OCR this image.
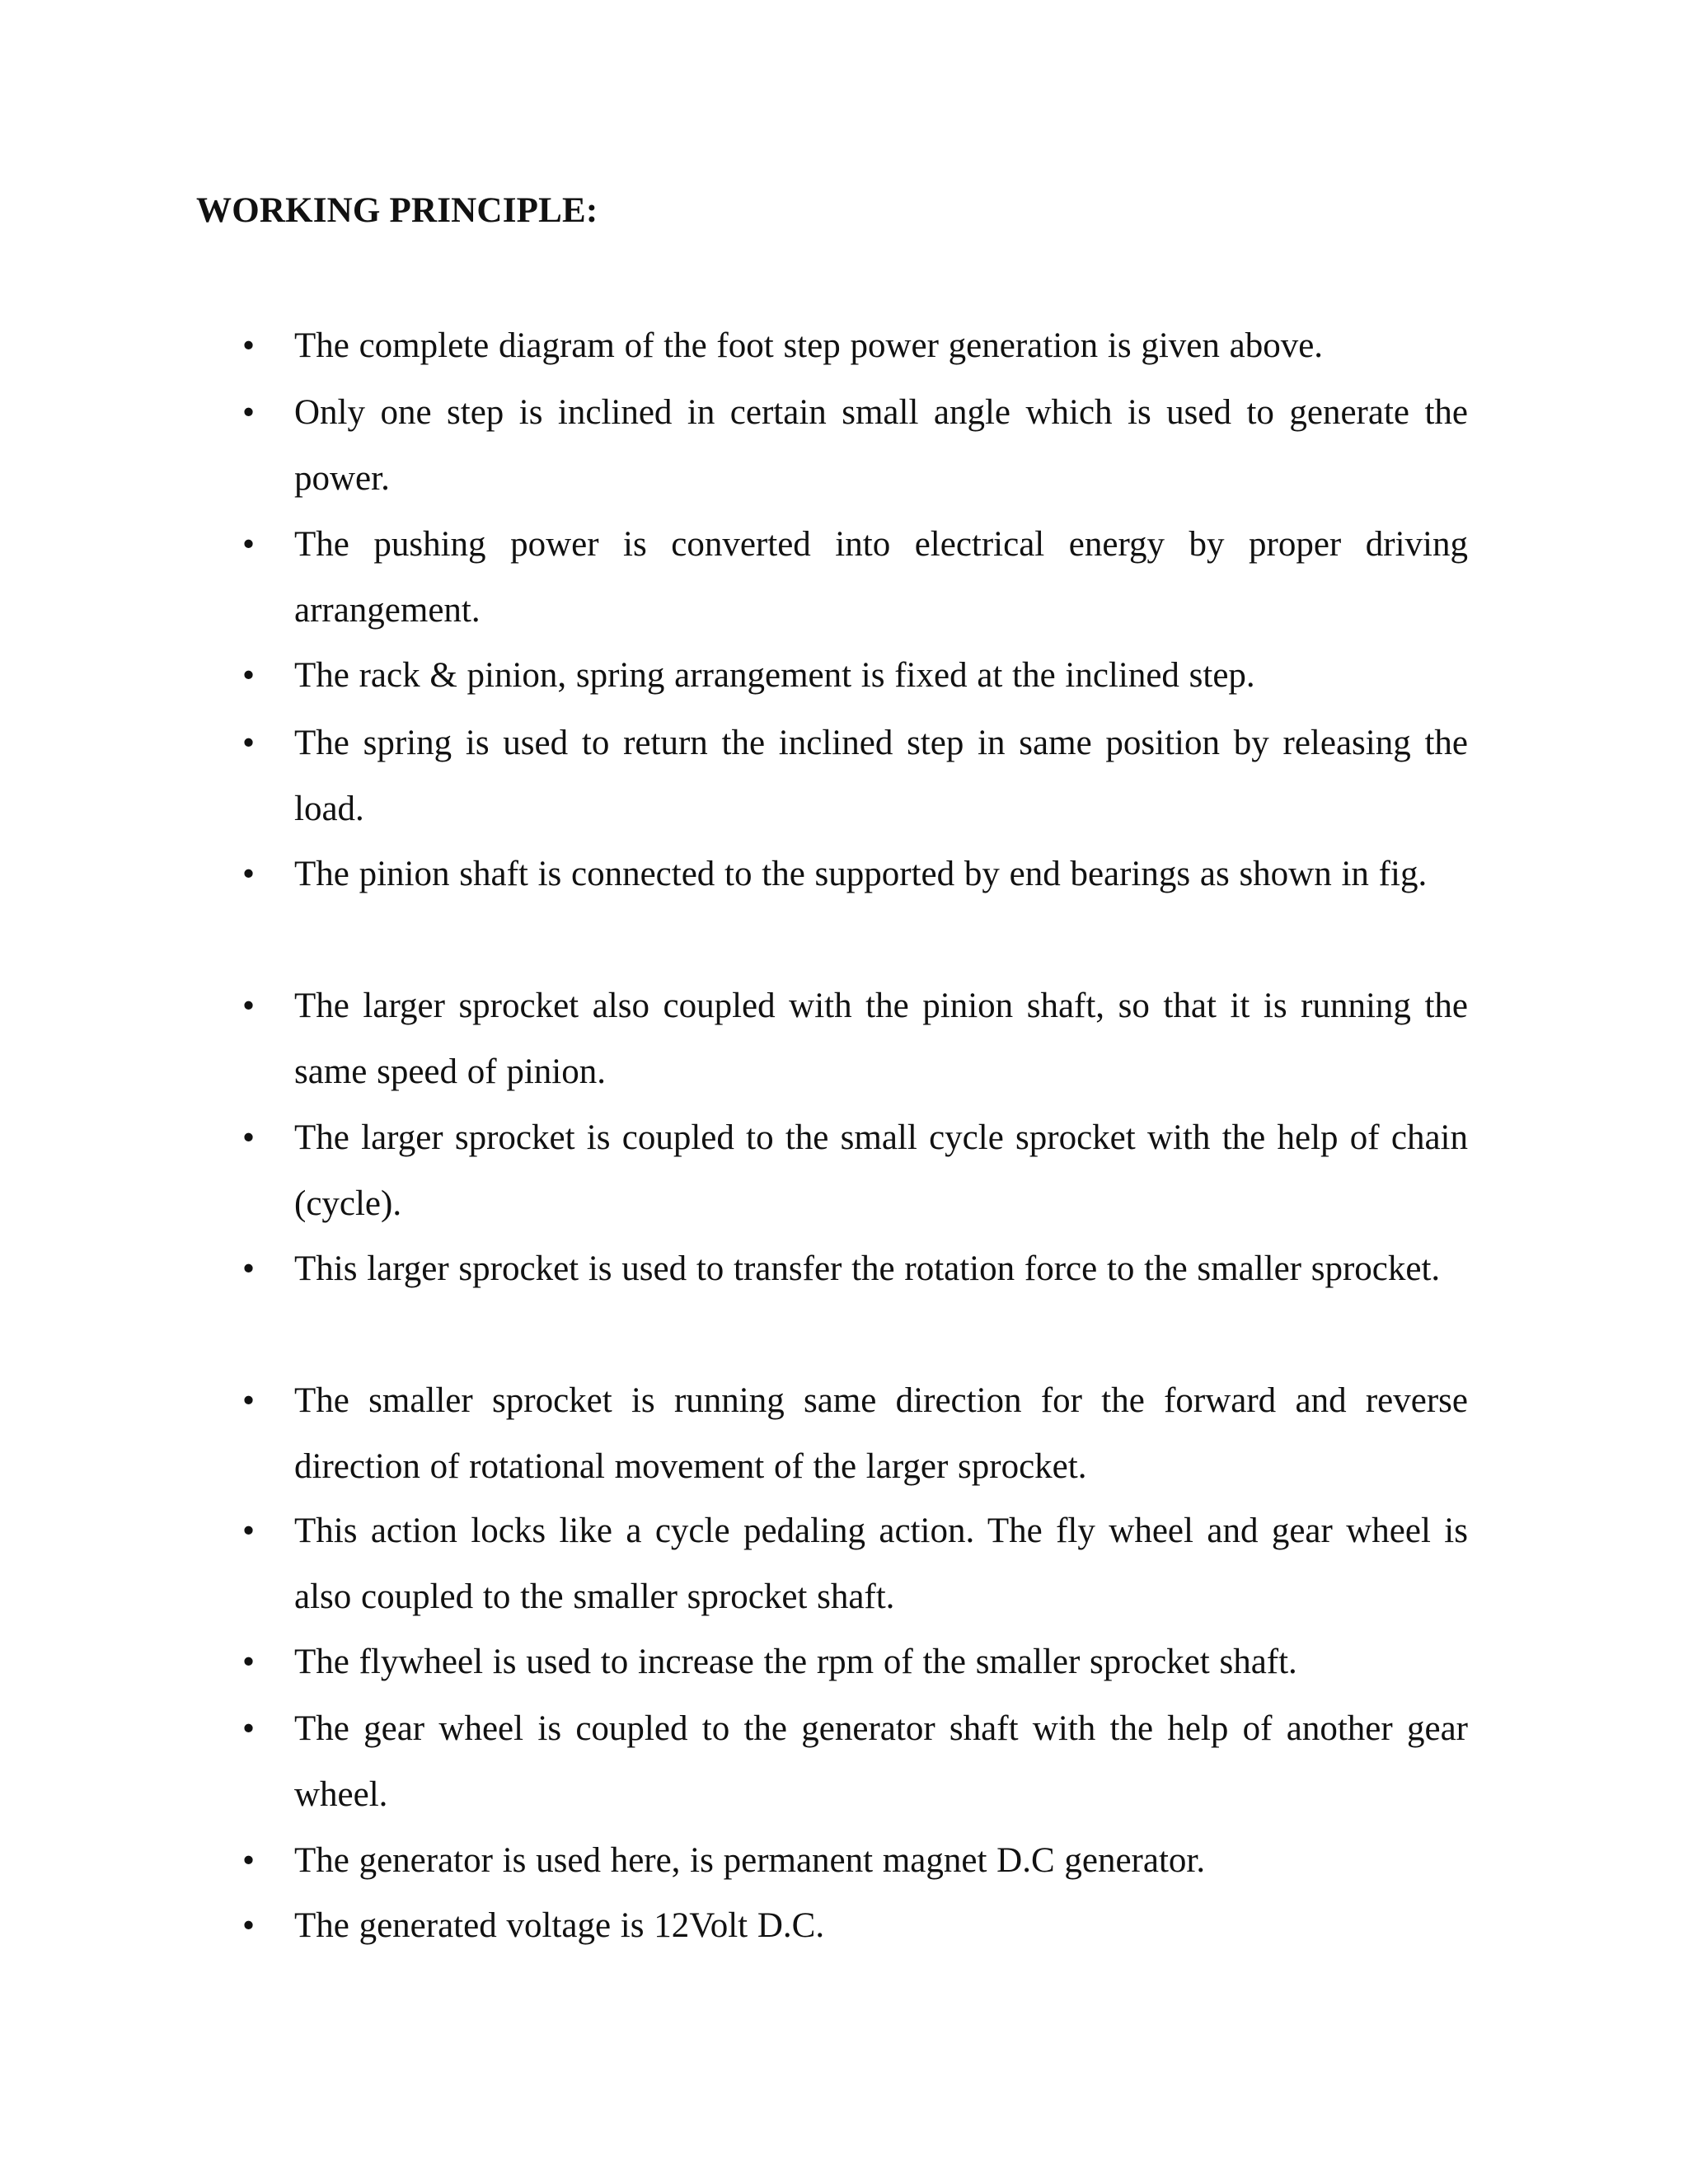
WORKING PRINCIPLE:
• The complete diagram of the foot step power generation is given above.
• Only one step is inclined in certain small angle which is used to generate the power.
• The pushing power is converted into electrical energy by proper driving arrangement.
• The rack & pinion, spring arrangement is fixed at the inclined step.
• The spring is used to return the inclined step in same position by releasing the load.
• The pinion shaft is connected to the supported by end bearings as shown in fig.
• The larger sprocket also coupled with the pinion shaft, so that it is running the same speed of pinion.
• The larger sprocket is coupled to the small cycle sprocket with the help of chain (cycle).
• This larger sprocket is used to transfer the rotation force to the smaller sprocket.
• The smaller sprocket is running same direction for the forward and reverse direction of rotational movement of the larger sprocket.
• This action locks like a cycle pedaling action. The fly wheel and gear wheel is also coupled to the smaller sprocket shaft.
• The flywheel is used to increase the rpm of the smaller sprocket shaft.
• The gear wheel is coupled to the generator shaft with the help of another gear wheel.
• The generator is used here, is permanent magnet D.C generator.
• The generated voltage is 12Volt D.C.
